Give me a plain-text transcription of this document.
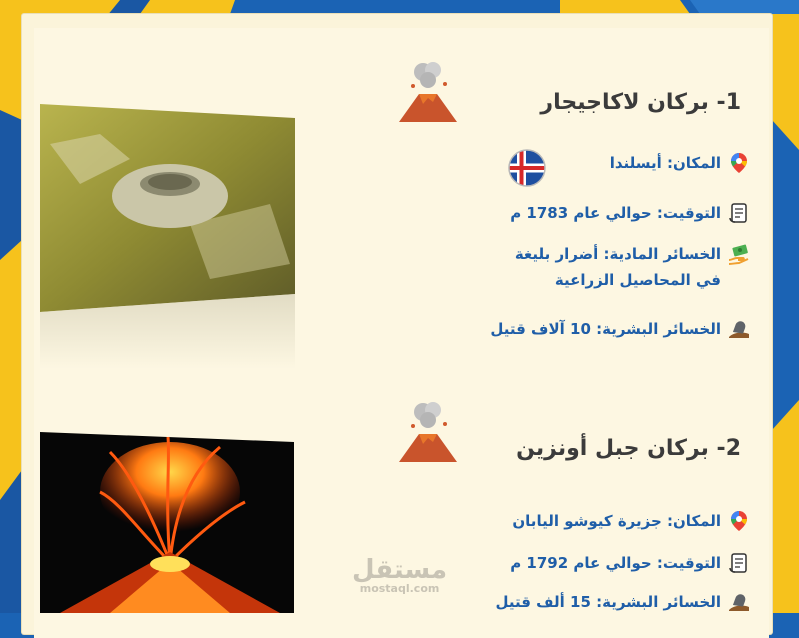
1- بركان لاكاجيجار
المكان: أيسلندا
التوقيت: حوالي عام 1783 م
الخسائر المادية: أضرار بليغة في المحاصيل الزراعية
الخسائر البشرية: 10 آلاف قتيل
2- بركان جبل أونزين
المكان: جزيرة كيوشو اليابان
التوقيت: حوالي عام 1792 م
الخسائر البشرية: 15 ألف قتيل
مستقل
mostaql.com
